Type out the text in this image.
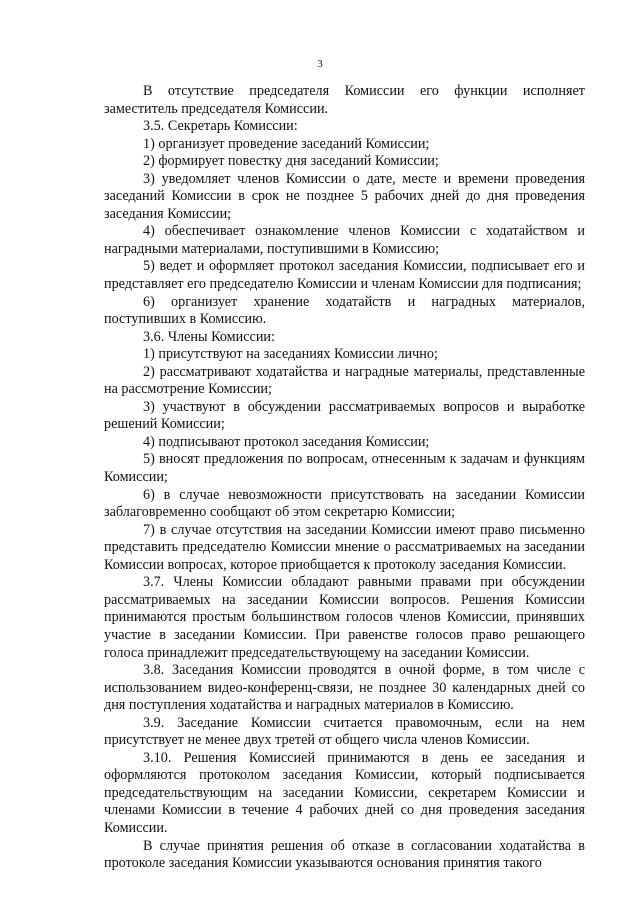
3

В отсутствие председателя Комиссии его функции исполняет заместитель председателя Комиссии.

3.5. Секретарь Комиссии:

1) организует проведение заседаний Комиссии;

2) формирует повестку дня заседаний Комиссии;

3) уведомляет членов Комиссии о дате, месте и времени проведения заседаний Комиссии в срок не позднее 5 рабочих дней до дня проведения заседания Комиссии;

4) обеспечивает ознакомление членов Комиссии с ходатайством и наградными материалами, поступившими в Комиссию;

5) ведет и оформляет протокол заседания Комиссии, подписывает его и представляет его председателю Комиссии и членам Комиссии для подписания;

6) организует хранение ходатайств и наградных материалов, поступивших в Комиссию.

3.6. Члены Комиссии:

1) присутствуют на заседаниях Комиссии лично;

2) рассматривают ходатайства и наградные материалы, представленные на рассмотрение Комиссии;

3) участвуют в обсуждении рассматриваемых вопросов и выработке решений Комиссии;

4) подписывают протокол заседания Комиссии;

5) вносят предложения по вопросам, отнесенным к задачам и функциям Комиссии;

6) в случае невозможности присутствовать на заседании Комиссии заблаговременно сообщают об этом секретарю Комиссии;

7) в случае отсутствия на заседании Комиссии имеют право письменно представить председателю Комиссии мнение о рассматриваемых на заседании Комиссии вопросах, которое приобщается к протоколу заседания Комиссии.

3.7. Члены Комиссии обладают равными правами при обсуждении рассматриваемых на заседании Комиссии вопросов. Решения Комиссии принимаются простым большинством голосов членов Комиссии, принявших участие в заседании Комиссии. При равенстве голосов право решающего голоса принадлежит председательствующему на заседании Комиссии.

3.8. Заседания Комиссии проводятся в очной форме, в том числе с использованием видео-конференц-связи, не позднее 30 календарных дней со дня поступления ходатайства и наградных материалов в Комиссию.

3.9. Заседание Комиссии считается правомочным, если на нем присутствует не менее двух третей от общего числа членов Комиссии.

3.10. Решения Комиссией принимаются в день ее заседания и оформляются протоколом заседания Комиссии, который подписывается председательствующим на заседании Комиссии, секретарем Комиссии и членами Комиссии в течение 4 рабочих дней со дня проведения заседания Комиссии.

В случае принятия решения об отказе в согласовании ходатайства в протоколе заседания Комиссии указываются основания принятия такого
